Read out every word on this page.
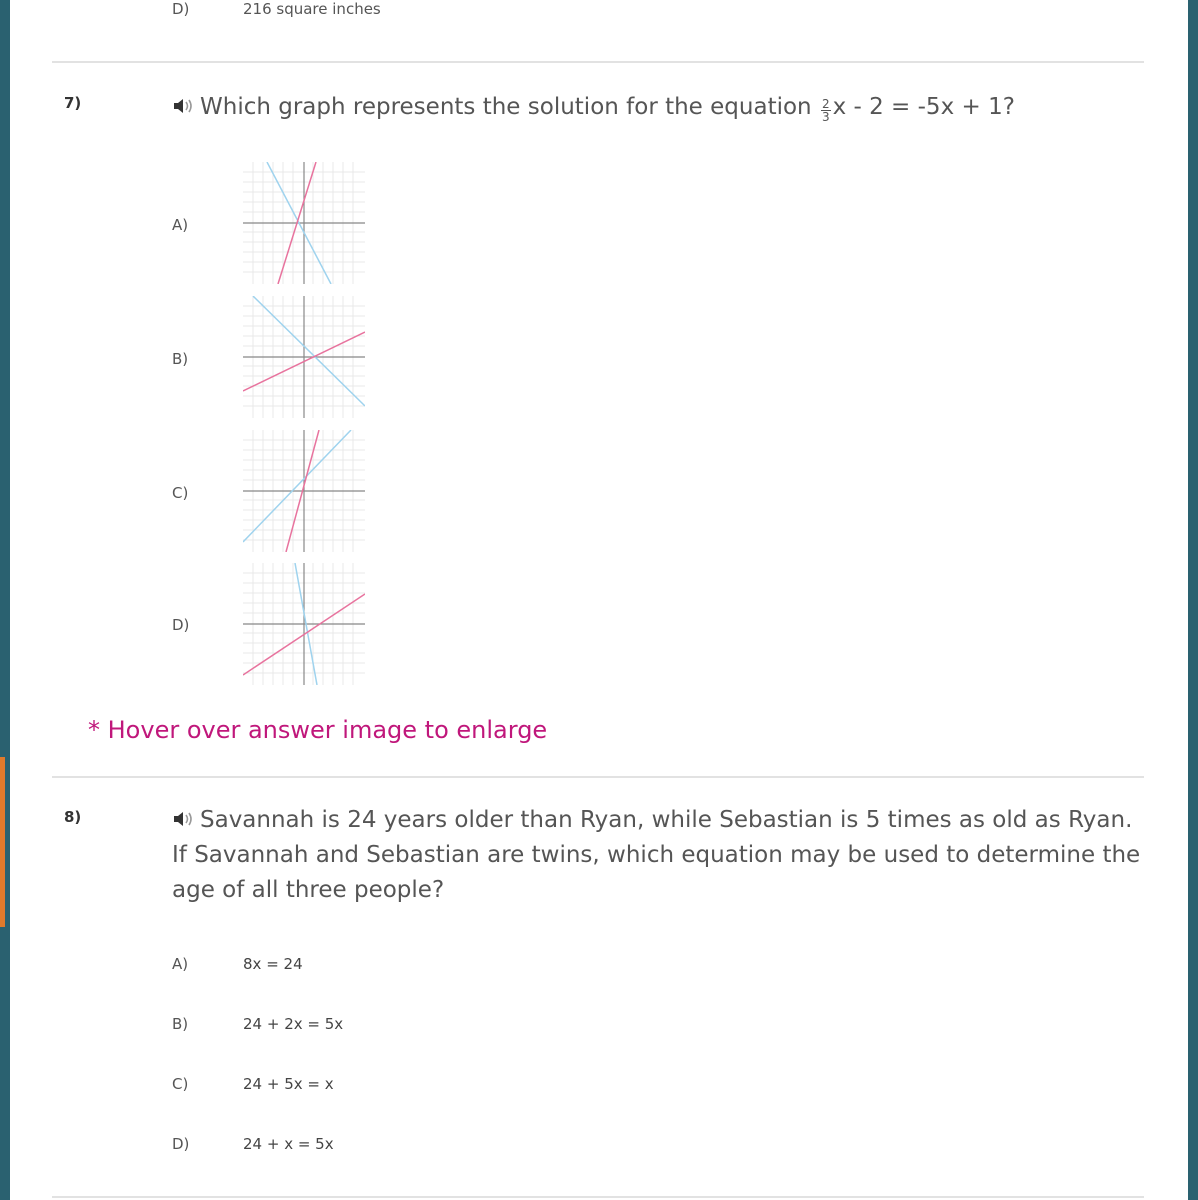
D)	216 square inches
7)	Which graph represents the solution for the equation $\frac{2}{3}$ x - 2 = -5x + 1?
A)
B)
C)
D)
* Hover over answer image to enlarge
8)	Savannah is 24 years older than Ryan, while Sebastian is 5 times as old as Ryan.
If Savannah and Sebastian are twins, which equation may be used to determine the
age of all three people?
A)	8x = 24
B)	24 + 2x = 5x
C)	24 + 5x = x
D)	24 + x = 5x
